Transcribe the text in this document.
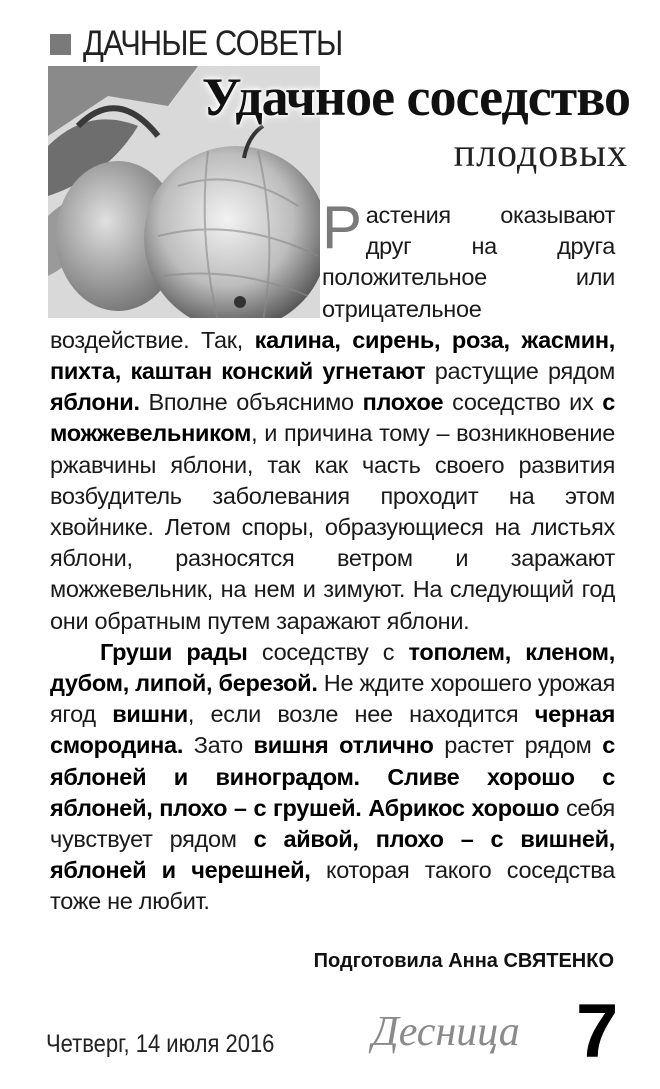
ДАЧНЫЕ СОВЕТЫ
Удачное соседство
плодовых

Растения оказывают друг на друга положительное или отрицательное воздействие. Так, калина, сирень, роза, жасмин, пихта, каштан конский угнетают растущие рядом яблони. Вполне объяснимо плохое соседство их с можжевельником, и причина тому – возникновение ржавчины яблони, так как часть своего развития возбудитель заболевания проходит на этом хвойнике. Летом споры, образующиеся на листьях яблони, разносятся ветром и заражают можжевельник, на нем и зимуют. На следующий год они обратным путем заражают яблони.

Груши рады соседству с тополем, кленом, дубом, липой, березой. Не ждите хорошего урожая ягод вишни, если возле нее находится черная смородина. Зато вишня отлично растет рядом с яблоней и виноградом. Сливе хорошо с яблоней, плохо – с грушей. Абрикос хорошо себя чувствует рядом с айвой, плохо – с вишней, яблоней и черешней, которая такого соседства тоже не любит.

Подготовила Анна СВЯТЕНКО
Четверг, 14 июля 2016 Десница 7
